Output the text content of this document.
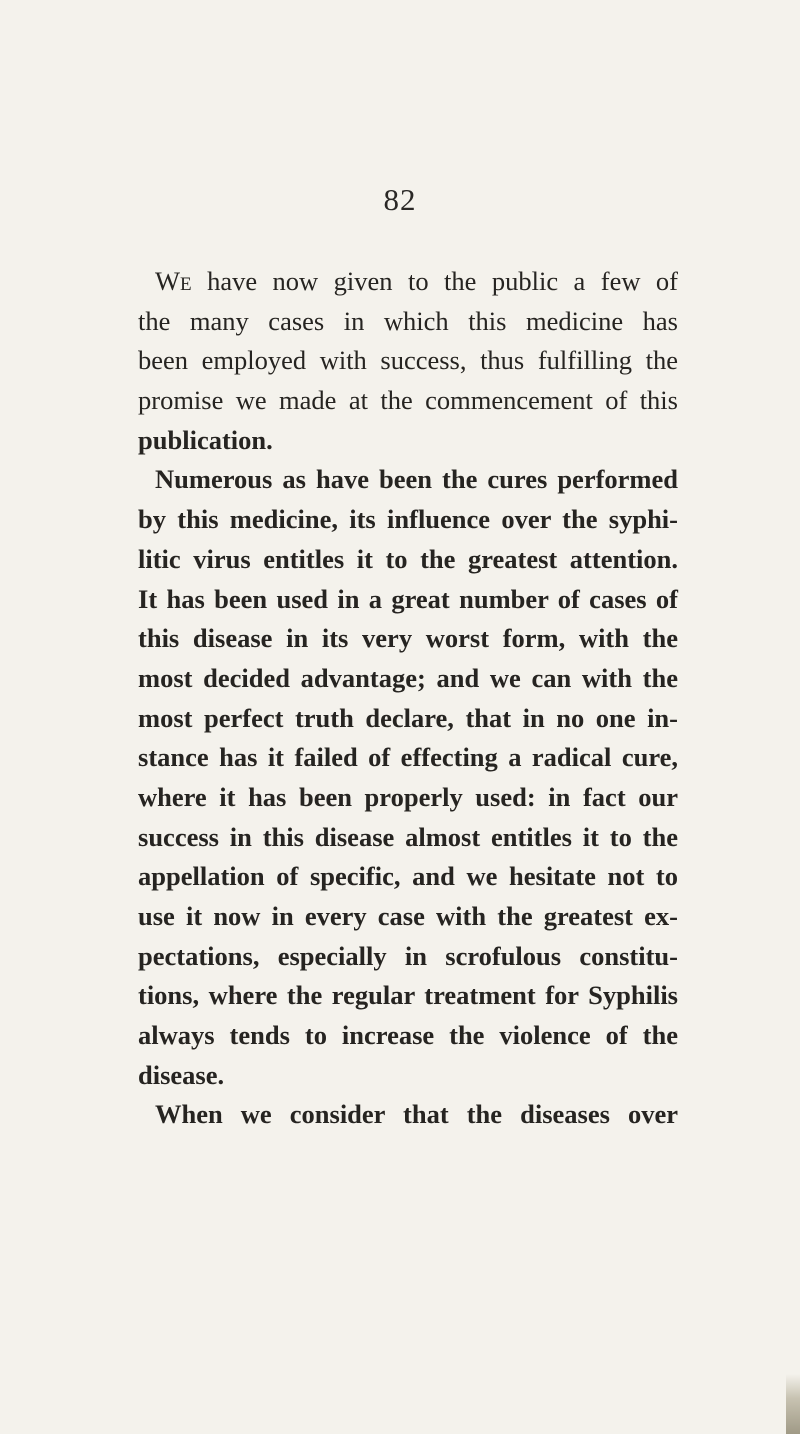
82
We have now given to the public a few of
the many cases in which this medicine has
been employed with success, thus fulfilling the
promise we made at the commencement of this
publication.
Numerous as have been the cures performed
by this medicine, its influence over the syphi-
litic virus entitles it to the greatest attention.
It has been used in a great number of cases of
this disease in its very worst form, with the
most decided advantage; and we can with the
most perfect truth declare, that in no one in-
stance has it failed of effecting a radical cure,
where it has been properly used: in fact our
success in this disease almost entitles it to the
appellation of specific, and we hesitate not to
use it now in every case with the greatest ex-
pectations, especially in scrofulous constitu-
tions, where the regular treatment for Syphilis
always tends to increase the violence of the
disease.
When we consider that the diseases over
